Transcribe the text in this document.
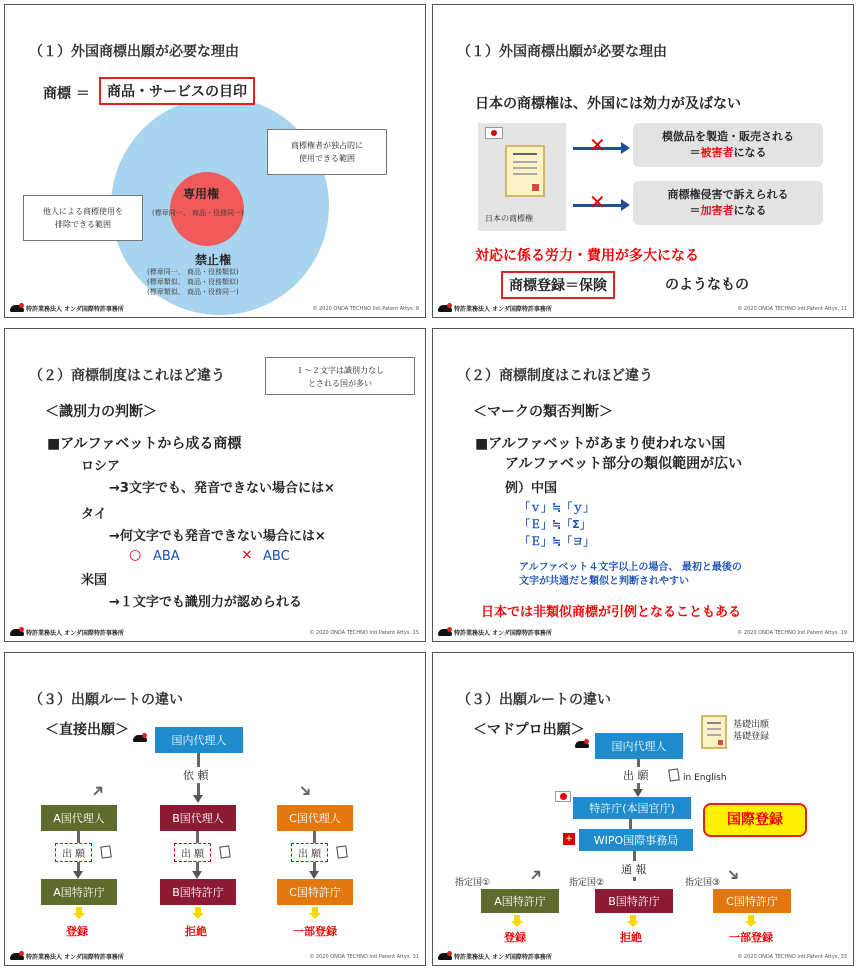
（１）外国商標出願が必要な理由
商標 ＝	商品・サービスの目印
専用権
(標章同一、 商品・役務同一)
禁止権
(標章同一、 商品・役務類似)
(標章類似、 商品・役務類似)
(標章類似、 商品・役務同一)
商標権者が独占的に
使用できる範囲
他人による商標使用を
排除できる範囲
特許業務法人 オンダ国際特許事務所	© 2020 ONDA TECHNO Intl.Patent Attys. 8
（１）外国商標出願が必要な理由
日本の商標権は、外国には効力が及ばない
日本の商標権
✕
✕
模倣品を製造・販売される
＝被害者になる
商標権侵害で訴えられる
＝加害者になる
対応に係る労力・費用が多大になる
商標登録＝保険	のようなもの
特許業務法人 オンダ国際特許事務所	© 2020 ONDA TECHNO Intl.Patent Attys. 11
（２）商標制度はこれほど違う	１～２文字は識別力なし
とされる国が多い
＜識別力の判断＞
■アルファベットから成る商標
ロシア
→3文字でも、発音できない場合には×
タイ
→何文字でも発音できない場合には×
○ ABA	× ABC
米国
→１文字でも識別力が認められる
特許業務法人 オンダ国際特許事務所	© 2020 ONDA TECHNO Intl.Patent Attys. 15
（２）商標制度はこれほど違う
＜マークの類否判断＞
■アルファベットがあまり使われない国
アルファベット部分の類似範囲が広い
例）中国
「ｖ」≒「ｙ」
「Ｅ」≒「Σ」
「Ｅ」≒「ヨ」
アルファベット４文字以上の場合、 最初と最後の
文字が共通だと類似と判断されやすい
日本では非類似商標が引例となることもある
特許業務法人 オンダ国際特許事務所	© 2020 ONDA TECHNO Intl.Patent Attys. 19
（３）出願ルートの違い
＜直接出願＞
国内代理人
依 頼
➜	➜
A国代理人	B国代理人	C国代理人
出 願	出 願	出 願
A国特許庁	B国特許庁	C国特許庁
登録	拒絶	一部登録
特許業務法人 オンダ国際特許事務所	© 2020 ONDA TECHNO Intl.Patent Attys. 31
（３）出願ルートの違い
＜マドプロ出願＞	基礎出願
基礎登録
国内代理人
出 願	in English
特許庁(本国官庁)
+	WIPO国際事務局
国際登録
通 報
➜	➜
指定国①	指定国②	指定国③
A国特許庁	B国特許庁	C国特許庁
登録	拒絶	一部登録
特許業務法人 オンダ国際特許事務所	© 2020 ONDA TECHNO Intl.Patent Attys. 33
